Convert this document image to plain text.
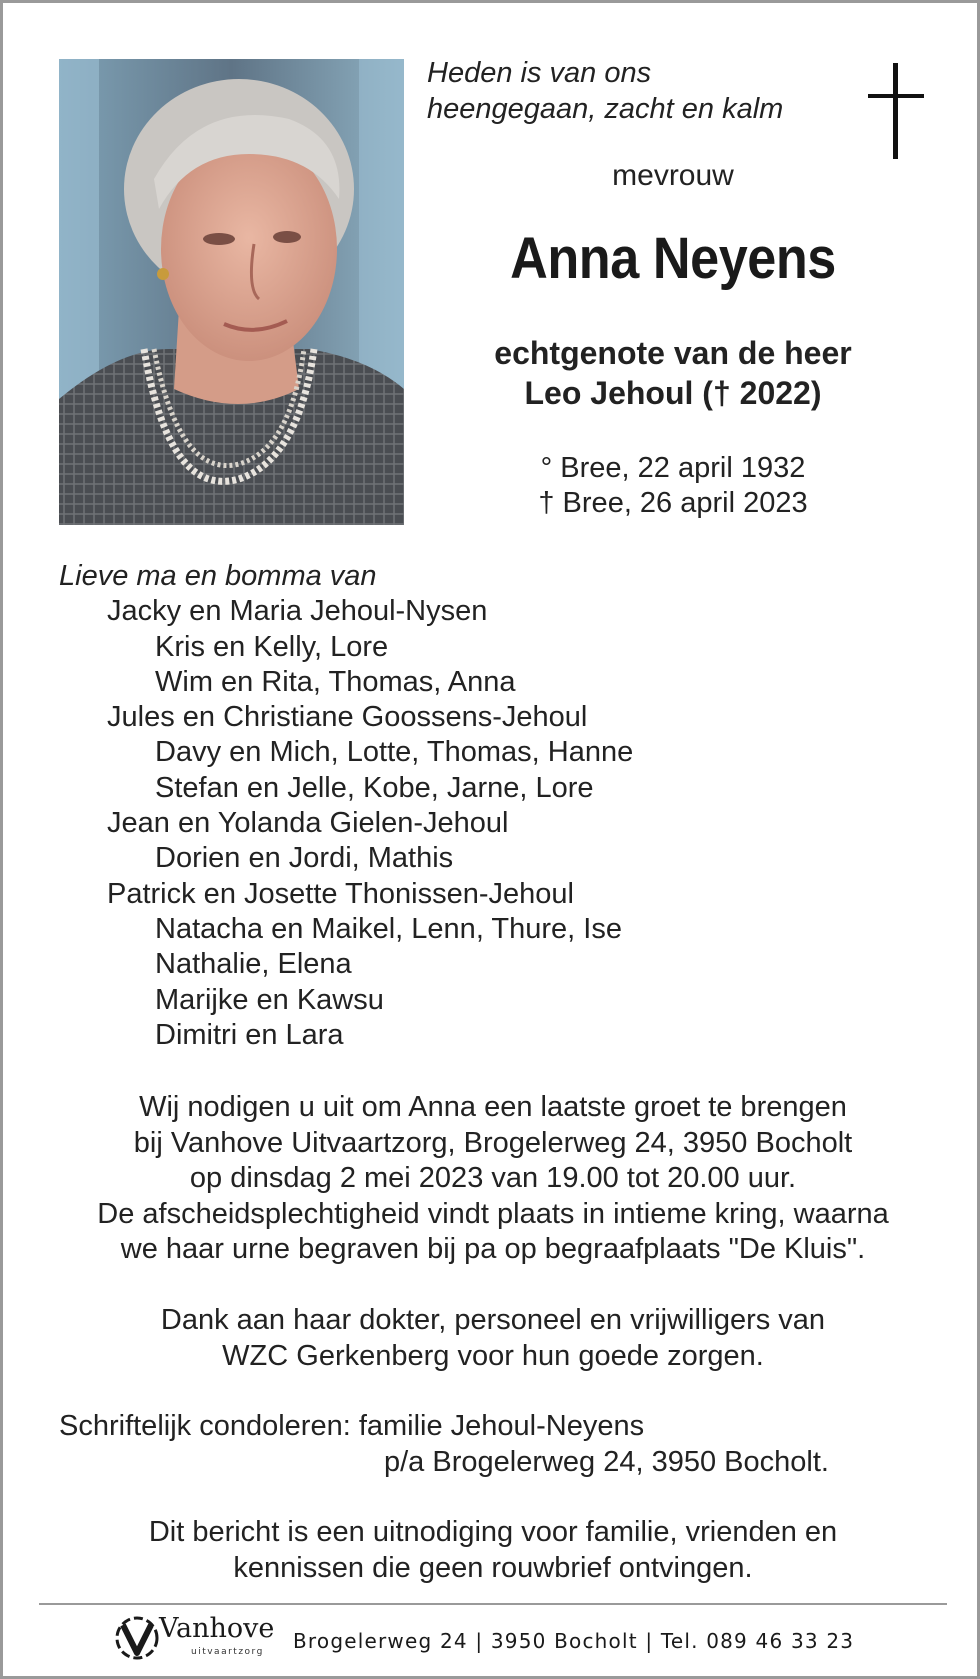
Heden is van ons
heengegaan, zacht en kalm
mevrouw
Anna Neyens
echtgenote van de heer
Leo Jehoul († 2022)
° Bree, 22 april 1932
† Bree, 26 april 2023
Lieve ma en bomma van
Jacky en Maria Jehoul-Nysen
Kris en Kelly, Lore
Wim en Rita, Thomas, Anna
Jules en Christiane Goossens-Jehoul
Davy en Mich, Lotte, Thomas, Hanne
Stefan en Jelle, Kobe, Jarne, Lore
Jean en Yolanda Gielen-Jehoul
Dorien en Jordi, Mathis
Patrick en Josette Thonissen-Jehoul
Natacha en Maikel, Lenn, Thure, Ise
Nathalie, Elena
Marijke en Kawsu
Dimitri en Lara
Wij nodigen u uit om Anna een laatste groet te brengen
bij Vanhove Uitvaartzorg, Brogelerweg 24, 3950 Bocholt
op dinsdag 2 mei 2023 van 19.00 tot 20.00 uur.
De afscheidsplechtigheid vindt plaats in intieme kring, waarna
we haar urne begraven bij pa op begraafplaats "De Kluis".
Dank aan haar dokter, personeel en vrijwilligers van
WZC Gerkenberg voor hun goede zorgen.
Schriftelijk condoleren: familie Jehoul-Neyens
p/a Brogelerweg 24, 3950 Bocholt.
Dit bericht is een uitnodiging voor familie, vrienden en
kennissen die geen rouwbrief ontvingen.
Vanhove
uitvaartzorg Brogelerweg 24 | 3950 Bocholt | Tel. 089 46 33 23
